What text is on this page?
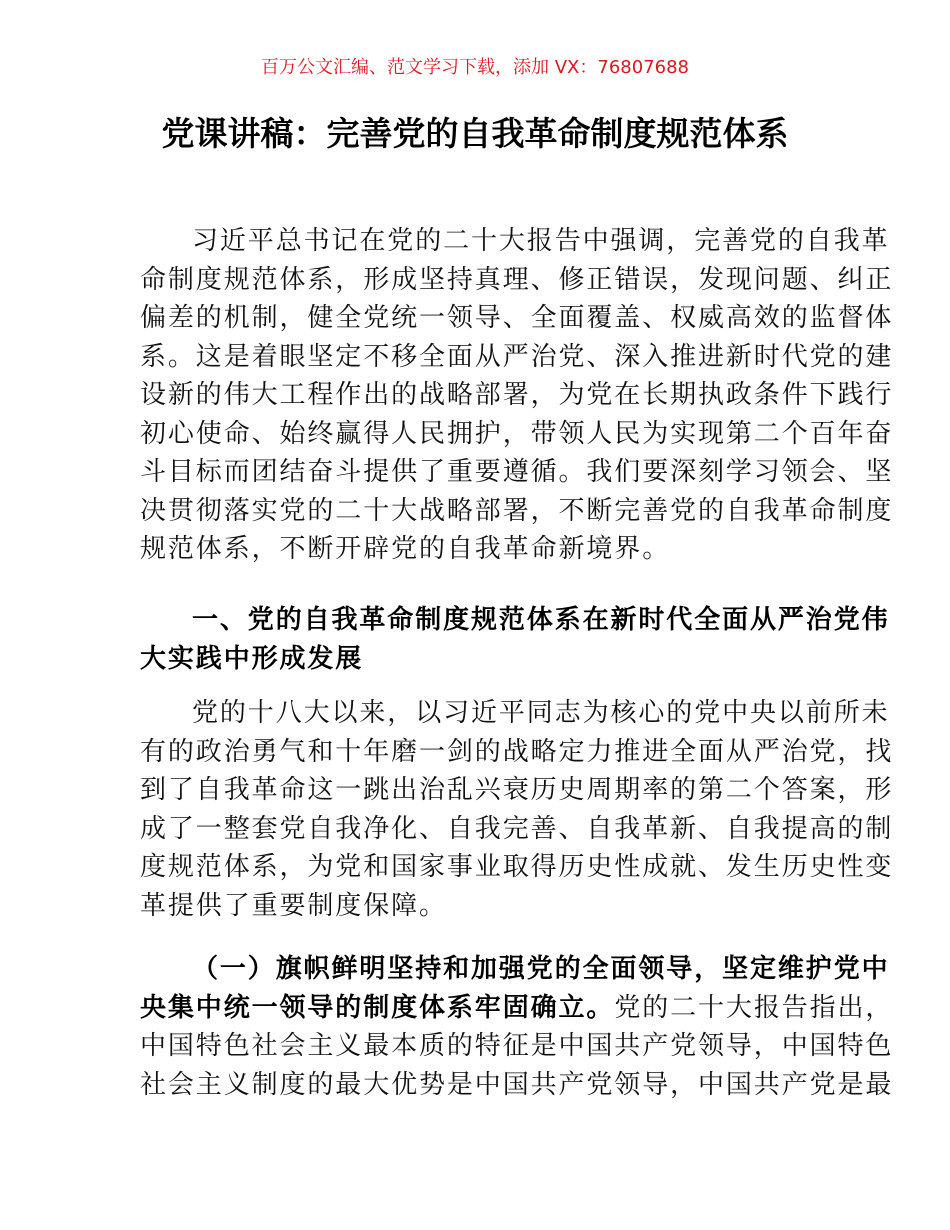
百万公文汇编、范文学习下载，添加 VX：76807688
党课讲稿：完善党的自我革命制度规范体系
习近平总书记在党的二十大报告中强调，完善党的自我革
命制度规范体系，形成坚持真理、修正错误，发现问题、纠正
偏差的机制，健全党统一领导、全面覆盖、权威高效的监督体
系。这是着眼坚定不移全面从严治党、深入推进新时代党的建
设新的伟大工程作出的战略部署，为党在长期执政条件下践行
初心使命、始终赢得人民拥护，带领人民为实现第二个百年奋
斗目标而团结奋斗提供了重要遵循。我们要深刻学习领会、坚
决贯彻落实党的二十大战略部署，不断完善党的自我革命制度
规范体系，不断开辟党的自我革命新境界。
一、党的自我革命制度规范体系在新时代全面从严治党伟
大实践中形成发展
党的十八大以来，以习近平同志为核心的党中央以前所未
有的政治勇气和十年磨一剑的战略定力推进全面从严治党，找
到了自我革命这一跳出治乱兴衰历史周期率的第二个答案，形
成了一整套党自我净化、自我完善、自我革新、自我提高的制
度规范体系，为党和国家事业取得历史性成就、发生历史性变
革提供了重要制度保障。
（一）旗帜鲜明坚持和加强党的全面领导，坚定维护党中
央集中统一领导的制度体系牢固确立。党的二十大报告指出，
中国特色社会主义最本质的特征是中国共产党领导，中国特色
社会主义制度的最大优势是中国共产党领导，中国共产党是最
